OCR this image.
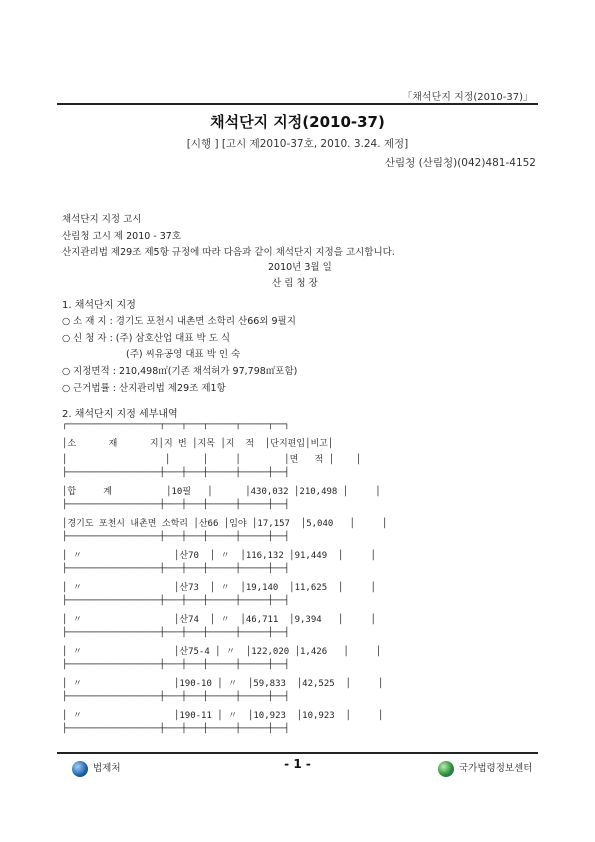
「채석단지 지정(2010-37)」
채석단지 지정(2010-37)
[시행 ] [고시 제2010-37호, 2010. 3.24. 제정]
산림청 (산림청)(042)481-4152
채석단지 지정 고시
산림청 고시 제 2010 - 37호
산지관리법 제29조 제5항 규정에 따라 다음과 같이 채석단지 지정을 고시합니다.
2010년 3월 일
산 림 청 장
1. 채석단지 지정
○ 소 재 지 : 경기도 포천시 내촌면 소학리 산66외 9필지
○ 신 청 자 : (주) 삼호산업 대표 박 도 식
(주) 씨유공영 대표 박 인 숙
○ 지정면적 : 210,498㎡(기존 채석허가 97,798㎡포함)
○ 근거법률 : 산지관리법 제29조 제1항
2. 채석단지 지정 세부내역
┌─────────────────┬───┬───┬─────┬─────┬──┐
│소      재      지│지 번 │지목 │지  적  │단지편입│비고│
│                  │      │     │        │면   적 │    │
├─────────────────┼───┼───┼─────┼─────┼──┤
│합     계          │10필   │      │430,032 │210,498 │     │
├─────────────────┼───┼───┼─────┼─────┼──┤
│경기도 포천시 내촌면 소학리 │산66 │임야 │17,157  │5,040   │     │
├─────────────────┼───┼───┼─────┼─────┼──┤
│ 〃                 │산70  │ 〃  │116,132 │91,449  │     │
├─────────────────┼───┼───┼─────┼─────┼──┤
│ 〃                 │산73  │ 〃  │19,140  │11,625  │     │
├─────────────────┼───┼───┼─────┼─────┼──┤
│ 〃                 │산74  │ 〃  │46,711  │9,394   │     │
├─────────────────┼───┼───┼─────┼─────┼──┤
│ 〃                 │산75-4 │ 〃  │122,020 │1,426   │     │
├─────────────────┼───┼───┼─────┼─────┼──┤
│ 〃                 │190-10 │ 〃  │59,833  │42,525  │     │
├─────────────────┼───┼───┼─────┼─────┼──┤
│ 〃                 │190-11 │ 〃  │10,923  │10,923  │     │
├─────────────────┼───┼───┼─────┼─────┼──┤
법제처	- 1 -	국가법령정보센터
